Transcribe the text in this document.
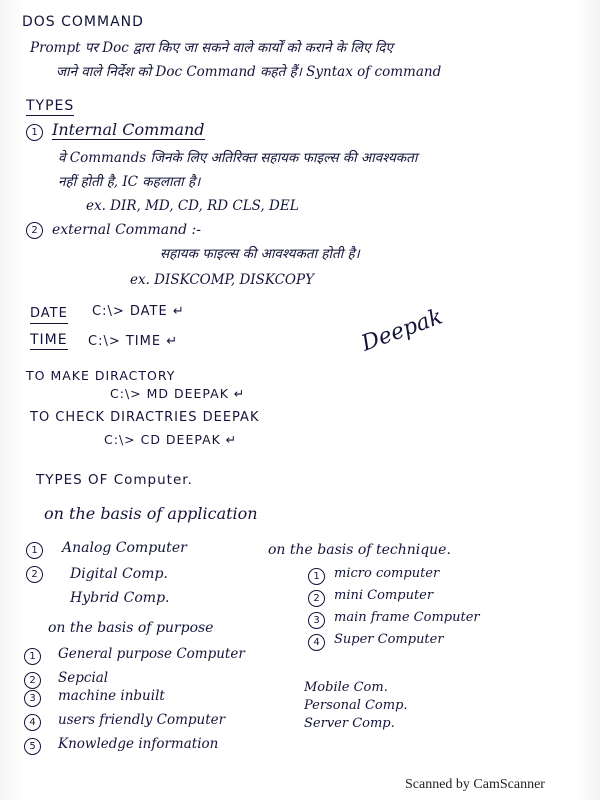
DOS COMMAND
Prompt पर Doc द्वारा किए जा सकने वाले कार्यों को कराने के लिए दिए
जाने वाले निर्देश को Doc Command कहते हैं। Syntax of command
TYPES
1 Internal Command
वे Commands जिनके लिए अतिरिक्त सहायक फाइल्स की आवश्यकता
नहीं होती है, IC कहलाता है।
ex. DIR, MD, CD, RD CLS, DEL
2	external Command :-
सहायक फाइल्स की आवश्यकता होती है।
ex. DISKCOMP, DISKCOPY
DATE C:\> DATE ↵
TIME C:\> TIME ↵	Deepak
TO MAKE DIRACTORY
C:\> MD DEEPAK ↵
TO CHECK DIRACTRIES DEEPAK
C:\> CD DEEPAK ↵
TYPES OF Computer.
on the basis of application
1	Analog Computer
2	Digital Comp.
Hybrid Comp.
on the basis of technique.
1	micro computer
2	mini Computer
3	main frame Computer
4	Super Computer
on the basis of purpose
1	General purpose Computer
2	Sepcial
3	machine inbuilt
4	users friendly Computer
5	Knowledge information
Mobile Com.
Personal Comp.
Server Comp.
Scanned by CamScanner
